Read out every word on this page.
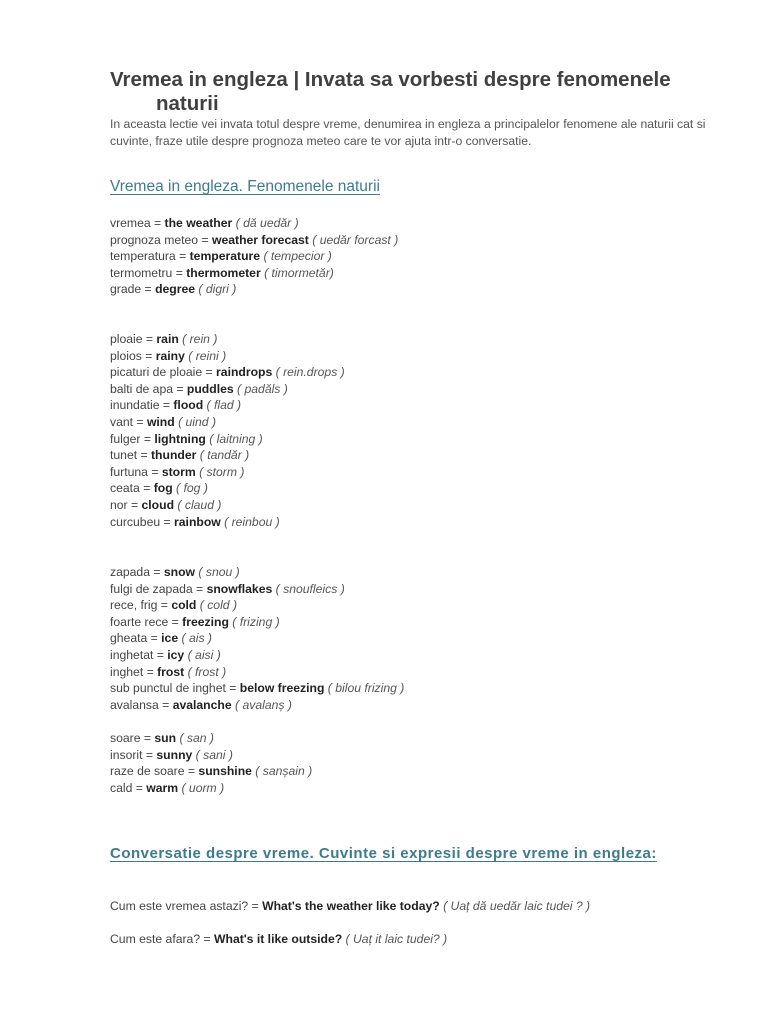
Vremea in engleza | Invata sa vorbesti despre fenomenele
naturii

In aceasta lectie vei invata totul despre vreme, denumirea in engleza a principalelor fenomene ale naturii cat si cuvinte, fraze utile despre prognoza meteo care te vor ajuta intr-o conversatie.

Vremea in engleza. Fenomenele naturii
vremea = the weather ( dă uedăr )
prognoza meteo = weather forecast ( uedăr forcast )
temperatura = temperature ( tempecior )
termometru = thermometer ( timormetăr)
grade = degree ( digri )
ploaie = rain ( rein )
ploios = rainy ( reini )
picaturi de ploaie = raindrops ( rein.drops )
balti de apa = puddles ( padăls )
inundatie = flood ( flad )
vant = wind ( uind )
fulger = lightning ( laitning )
tunet = thunder ( tandăr )
furtuna = storm ( storm )
ceata = fog ( fog )
nor = cloud ( claud )
curcubeu = rainbow ( reinbou )
zapada = snow ( snou )
fulgi de zapada = snowflakes ( snoufleics )
rece, frig = cold ( cold )
foarte rece = freezing ( frizing )
gheata = ice ( ais )
inghetat = icy ( aisi )
inghet = frost ( frost )
sub punctul de inghet = below freezing ( bilou frizing )
avalansa = avalanche ( avalanș )
soare = sun ( san )
insorit = sunny ( sani )
raze de soare = sunshine ( sanșain )
cald = warm ( uorm )
Conversatie despre vreme. Cuvinte si expresii despre vreme in engleza:

Cum este vremea astazi? = What's the weather like today? ( Uaț dă uedăr laic tudei ? )

Cum este afara? = What's it like outside? ( Uaț it laic tudei? )
